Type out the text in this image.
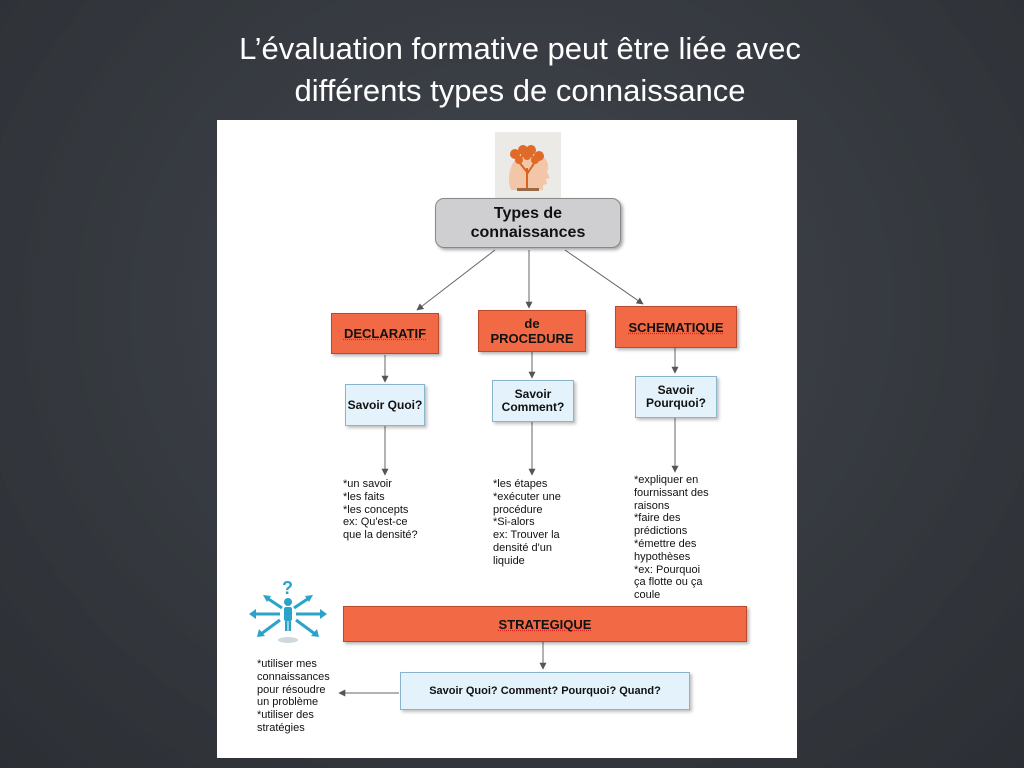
L’évaluation formative peut être liée avec
différents types de connaissance
Types de
connaissances
DECLARATIF
de
PROCEDURE
SCHEMATIQUE
Savoir Quoi?
Savoir
Comment?
Savoir
Pourquoi?
*un savoir
*les faits
*les concepts
ex: Qu'est-ce
que la densité?
*les étapes
*exécuter une
procédure
*Si-alors
ex: Trouver la
densité d'un
liquide
*expliquer en
fournissant des
raisons
*faire des
prédictions
*émettre des
hypothèses
*ex: Pourquoi
ça flotte ou ça
coule
?
STRATEGIQUE
Savoir Quoi? Comment? Pourquoi? Quand?
*utiliser mes
connaissances
pour résoudre
un problème
*utiliser des
stratégies
